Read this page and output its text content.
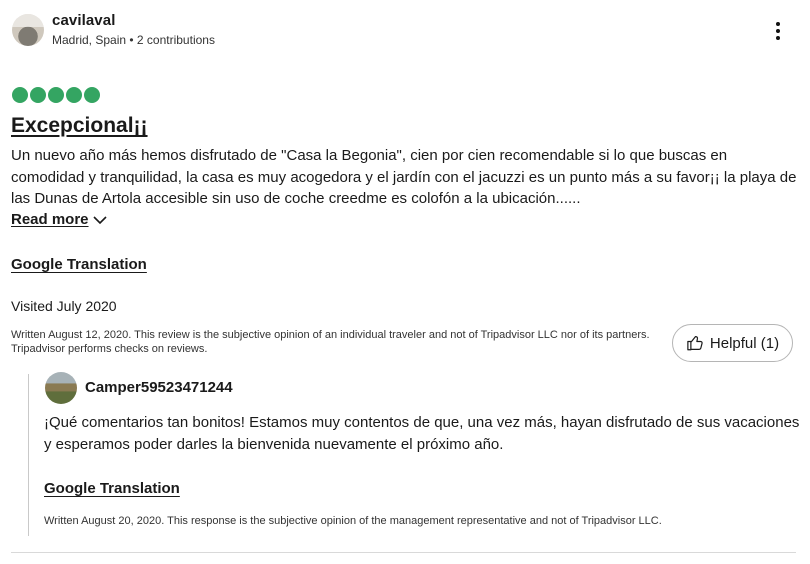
cavilaval
Madrid, Spain • 2 contributions
Excepcional¡¡
Un nuevo año más hemos disfrutado de "Casa la Begonia", cien por cien recomendable si lo que buscas en comodidad y tranquilidad, la casa es muy acogedora y el jardín con el jacuzzi es un punto más a su favor¡¡ la playa de las Dunas de Artola accesible sin uso de coche creedme es colofón a la ubicación......
Read more
Google Translation
Visited July 2020
Written August 12, 2020. This review is the subjective opinion of an individual traveler and not of Tripadvisor LLC nor of its partners. Tripadvisor performs checks on reviews.	Helpful (1)
Camper59523471244
¡Qué comentarios tan bonitos! Estamos muy contentos de que, una vez más, hayan disfrutado de sus vacaciones y esperamos poder darles la bienvenida nuevamente el próximo año.
Google Translation
Written August 20, 2020. This response is the subjective opinion of the management representative and not of Tripadvisor LLC.
